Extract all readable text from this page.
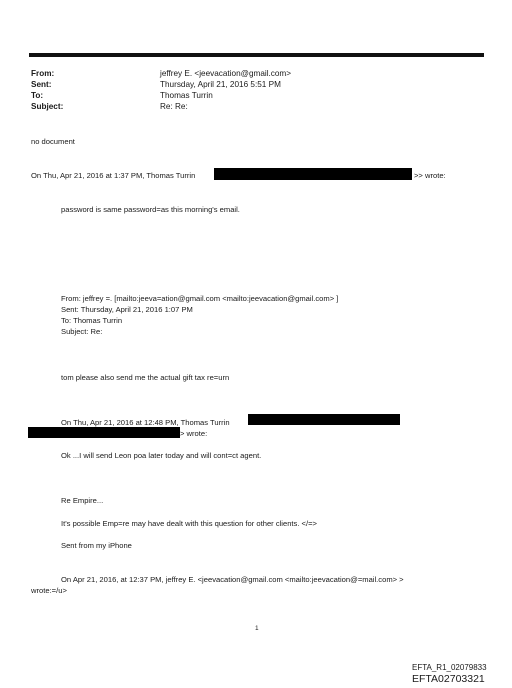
From:	jeffrey E. <jeevacation@gmail.com>
Sent:	Thursday, April 21, 2016 5:51 PM
To:	Thomas Turrin
Subject:	Re: Re:
no document
On Thu, Apr 21, 2016 at 1:37 PM, Thomas Turrin	>> wrote:
password is same password=as this morning's email.
From: jeffrey =. [mailto:jeeva=ation@gmail.com <mailto:jeevacation@gmail.com> ]
Sent: Thursday, April 21, 2016 1:07 PM
To: Thomas Turrin
Subject: Re:
tom please also send me the actual gift tax re=urn
On Thu, Apr 21, 2016 at 12:48 PM, Thomas Turrin
> wrote:
Ok ...I will send Leon poa later today and will cont=ct agent.
Re Empire...
It's possible Emp=re may have dealt with this question for other clients. </=>
Sent from my iPhone
On Apr 21, 2016, at 12:37 PM, jeffrey E. <jeevacation@gmail.com <mailto:jeevacation@=mail.com> >
wrote:=/u>
1
EFTA_R1_02079833
EFTA02703321
